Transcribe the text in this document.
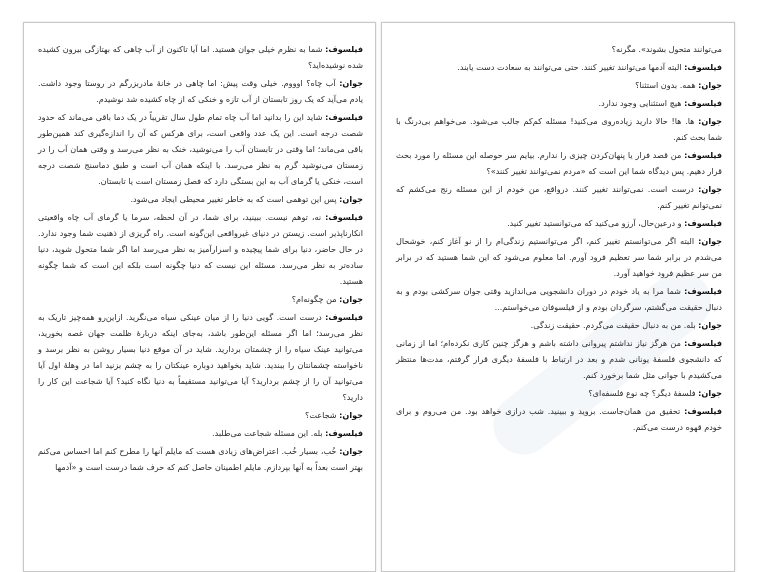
می‌توانند متحول بشوند». مگرنه؟

فیلسوف: البته آدمها می‌توانند تغییر کنند. حتی می‌توانند به سعادت دست یابند.

جوان: همه. بدون استثنا؟

فیلسوف: هیچ استثنایی وجود ندارد.

جوان: ها. ها! حالا دارید زیاده‌روی می‌کنید! مسئله کم‌کم جالب می‌شود. می‌خواهم بی‌درنگ با شما بحث کنم.

فیلسوف: من قصد فرار یا پنهان‌کردن چیزی را ندارم. بیایم سر حوصله این مسئله را مورد بحث قرار دهیم. پس دیدگاه شما این است که «مردم نمی‌توانند تغییر کنند»؟

جوان: درست است. نمی‌توانند تغییر کنند. درواقع، من خودم از این مسئله رنج می‌کشم که نمی‌توانم تغییر کنم.

فیلسوف: و درعین‌حال، آرزو می‌کنید که می‌توانستید تغییر کنید.

جوان: البته اگر می‌توانستم تغییر کنم، اگر می‌توانستیم زندگی‌ام را از نو آغاز کنم، خوشحال می‌شدم در برابر شما سر تعظیم فرود آورم. اما معلوم می‌شود که این شما هستید که در برابر من سر عظیم فرود خواهید آورد.

فیلسوف: شما مرا به یاد خودم در دوران دانشجویی می‌اندازید وقتی جوان سرکشی بودم و به دنبال حقیقت می‌گشتم، سرگردان بودم و از فیلسوفان می‌خواستم...

جوان: بله. من به دنبال حقیقت می‌گردم. حقیقت زندگی.

فیلسوف: من هرگز نیاز نداشتم پیروانی داشته باشم و هرگز چنین کاری نکرده‌ام؛ اما از زمانی که دانشجوی فلسفهٔ یونانی شدم و بعد در ارتباط با فلسفهٔ دیگری قرار گرفتم، مدت‌ها منتظر می‌کشیدم با جوانی مثل شما برخورد کنم.

جوان: فلسفهٔ دیگر؟ چه نوع فلسفه‌ای؟

فیلسوف: تحقیق من همان‌جاست. بروید و ببینید. شب درازی خواهد بود. من می‌روم و برای خودم قهوه درست می‌کنم.

فیلسوف: شما به نظرم خیلی جوان هستید. اما آیا تاکنون از آب چاهی که بهتازگی بیرون کشیده شده نوشیده‌اید؟

جوان: آب چاه؟ اوووم. خیلی وقت پیش: اما چاهی در خانهٔ مادربزرگم در روستا وجود داشت. یادم می‌آید که یک روز تابستان از آب تازه و خنکی که از چاه کشیده شد نوشیدم.

فیلسوف: شاید این را بدانید اما آب چاه تمام طول سال تقریباً در یک دما باقی می‌ماند که حدود شصت درجه است. این یک عدد واقعی است، برای هرکس که آن را اندازه‌گیری کند همین‌طور باقی می‌ماند؛ اما وقتی در تابستان آب را می‌نوشید، خنک به نظر می‌رسد و وقتی همان آب را در زمستان می‌نوشید گرم به نظر می‌رسد. با اینکه همان آب است و طبق دماسنج شصت درجه است، خنکی یا گرمای آب به این بستگی دارد که فصل زمستان است یا تابستان.

جوان: پس این توهمی است که به خاطر تغییر محیطی ایجاد می‌شود.

فیلسوف: نه، توهم نیست. ببینید، برای شما، در آن لحظه، سرما یا گرمای آب چاه واقعیتی انکارناپذیر است. زیستن در دنیای غیرواقعی این‌گونه است. راه گریزی از ذهنیت شما وجود ندارد. در حال حاضر، دنیا برای شما پیچیده و اسرارآمیز به نظر می‌رسد اما اگر شما متحول شوید، دنیا ساده‌تر به نظر می‌رسد. مسئله این نیست که دنیا چگونه است بلکه این است که شما چگونه هستید.

جوان: من چگونه‌ام؟

فیلسوف: درست است. گویی دنیا را از میان عینکی سیاه می‌نگرید. ازاین‌رو همه‌چیز تاریک به نظر می‌رسد؛ اما اگر مسئله این‌طور باشد، به‌جای اینکه دربارهٔ ظلمت جهان غصه بخورید، می‌توانید عینک سیاه را از چشمتان بردارید. شاید در آن موقع دنیا بسیار روشن به نظر برسد و ناخواسته چشمانتان را ببندید. شاید بخواهید دوباره عینکتان را به چشم بزنید اما در وهلهٔ اول آیا می‌توانید آن را از چشم بردارید؟ آیا می‌توانید مستقیماً به دنیا نگاه کنید؟ آیا شجاعت این کار را دارید؟

جوان: شجاعت؟

فیلسوف: بله. این مسئله شجاعت می‌طلبد.

جوان: خُب، بسیار خُب. اعتراض‌های زیادی هست که مایلم آنها را مطرح کنم اما احساس می‌کنم بهتر است بعداً به آنها بپردازم. مایلم اطمینان حاصل کنم که حرف شما درست است و «آدمها
